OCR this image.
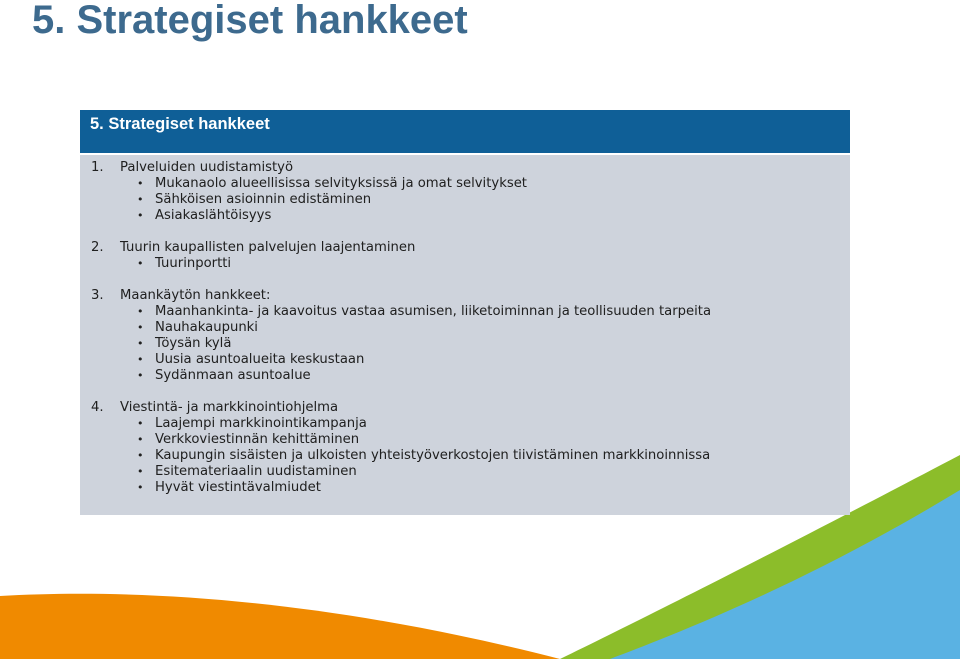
5. Strategiset hankkeet
5. Strategiset hankkeet
1. Palveluiden uudistamistyö
• Mukanaolo alueellisissa selvityksissä ja omat selvitykset
• Sähköisen asioinnin edistäminen
• Asiakaslähtöisyys
2. Tuurin kaupallisten palvelujen laajentaminen
• Tuurinportti
3. Maankäytön hankkeet:
• Maanhankinta- ja kaavoitus vastaa asumisen, liiketoiminnan ja teollisuuden tarpeita
• Nauhakaupunki
• Töysän kylä
• Uusia asuntoalueita keskustaan
• Sydänmaan asuntoalue
4. Viestintä- ja markkinointiohjelma
• Laajempi markkinointikampanja
• Verkkoviestinnän kehittäminen
• Kaupungin sisäisten ja ulkoisten yhteistyöverkostojen tiivistäminen markkinoinnissa
• Esitemateriaalin uudistaminen
• Hyvät viestintävalmiudet
